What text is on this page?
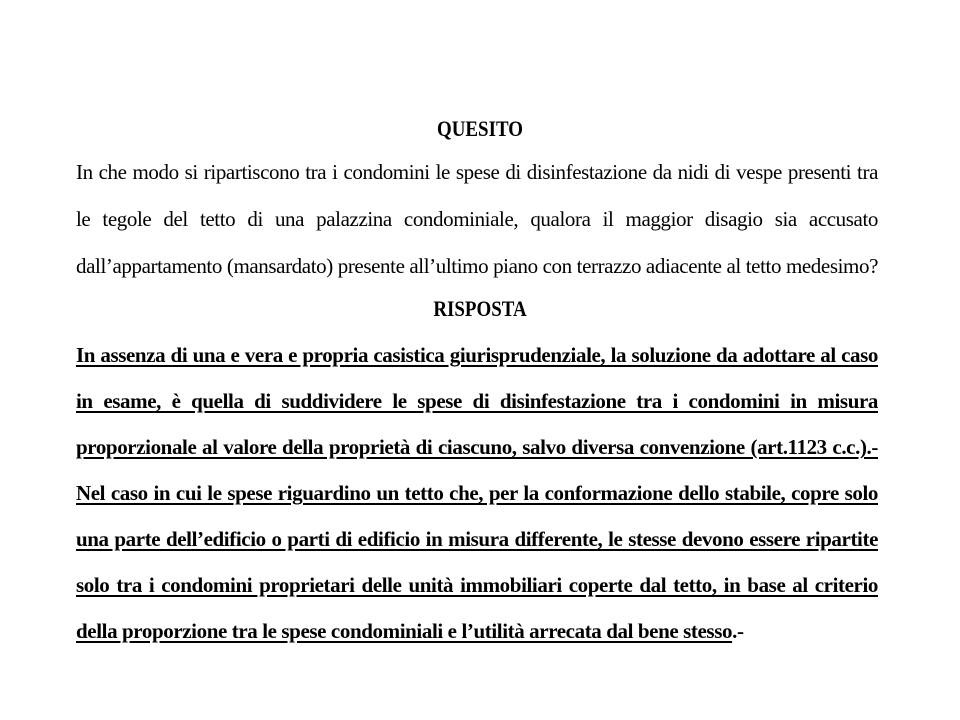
QUESITO
In che modo si ripartiscono tra i condomini le spese di disinfestazione da nidi di vespe presenti tra
le tegole del tetto di una palazzina condominiale, qualora il maggior disagio sia accusato
dall’appartamento (mansardato) presente all’ultimo piano con terrazzo adiacente al tetto medesimo?
RISPOSTA
In assenza di una e vera e propria casistica giurisprudenziale, la soluzione da adottare al caso
in esame, è quella di suddividere le spese di disinfestazione tra i condomini in misura
proporzionale al valore della proprietà di ciascuno, salvo diversa convenzione (art.1123 c.c.).-
Nel caso in cui le spese riguardino un tetto che, per la conformazione dello stabile, copre solo
una parte dell’edificio o parti di edificio in misura differente, le stesse devono essere ripartite
solo tra i condomini proprietari delle unità immobiliari coperte dal tetto, in base al criterio
della proporzione tra le spese condominiali e l’utilità arrecata dal bene stesso.-
